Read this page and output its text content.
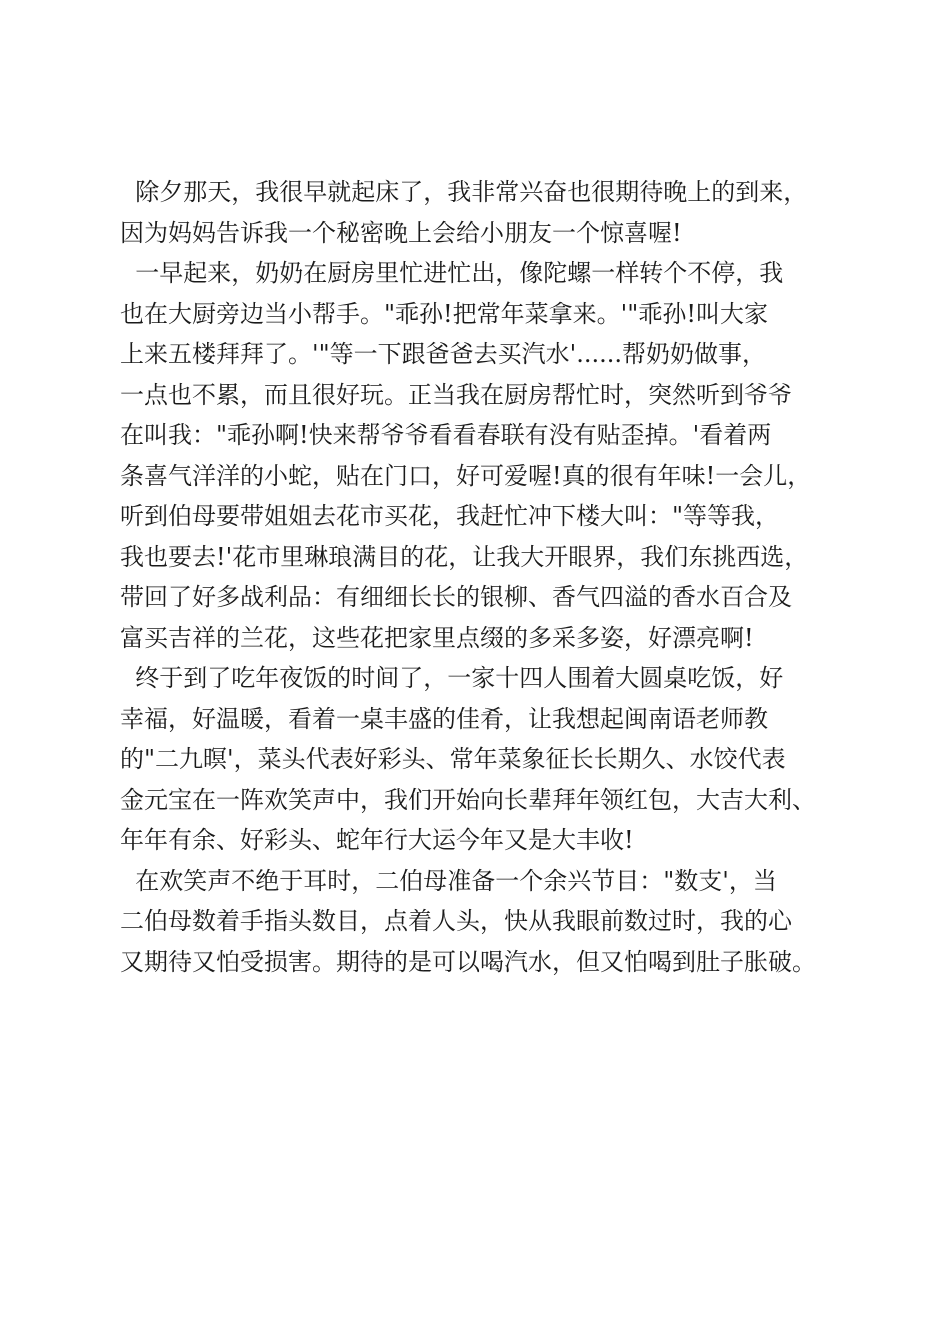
除夕那天，我很早就起床了，我非常兴奋也很期待晚上的到来，
因为妈妈告诉我一个秘密晚上会给小朋友一个惊喜喔!
一早起来，奶奶在厨房里忙进忙出，像陀螺一样转个不停，我
也在大厨旁边当小帮手。"乖孙!把常年菜拿来。'"乖孙!叫大家
上来五楼拜拜了。'"等一下跟爸爸去买汽水'......帮奶奶做事，
一点也不累，而且很好玩。正当我在厨房帮忙时，突然听到爷爷
在叫我："乖孙啊!快来帮爷爷看看春联有没有贴歪掉。'看着两
条喜气洋洋的小蛇，贴在门口，好可爱喔!真的很有年味!一会儿，
听到伯母要带姐姐去花市买花，我赶忙冲下楼大叫："等等我，
我也要去!'花市里琳琅满目的花，让我大开眼界，我们东挑西选，
带回了好多战利品：有细细长长的银柳、香气四溢的香水百合及
富买吉祥的兰花，这些花把家里点缀的多采多姿，好漂亮啊!
终于到了吃年夜饭的时间了，一家十四人围着大圆桌吃饭，好
幸福，好温暖，看着一桌丰盛的佳肴，让我想起闽南语老师教
的"二九暝'，菜头代表好彩头、常年菜象征长长期久、水饺代表
金元宝在一阵欢笑声中，我们开始向长辈拜年领红包，大吉大利、
年年有余、好彩头、蛇年行大运今年又是大丰收!
在欢笑声不绝于耳时，二伯母准备一个余兴节目："数支'，当
二伯母数着手指头数目，点着人头，快从我眼前数过时，我的心
又期待又怕受损害。期待的是可以喝汽水，但又怕喝到肚子胀破。
